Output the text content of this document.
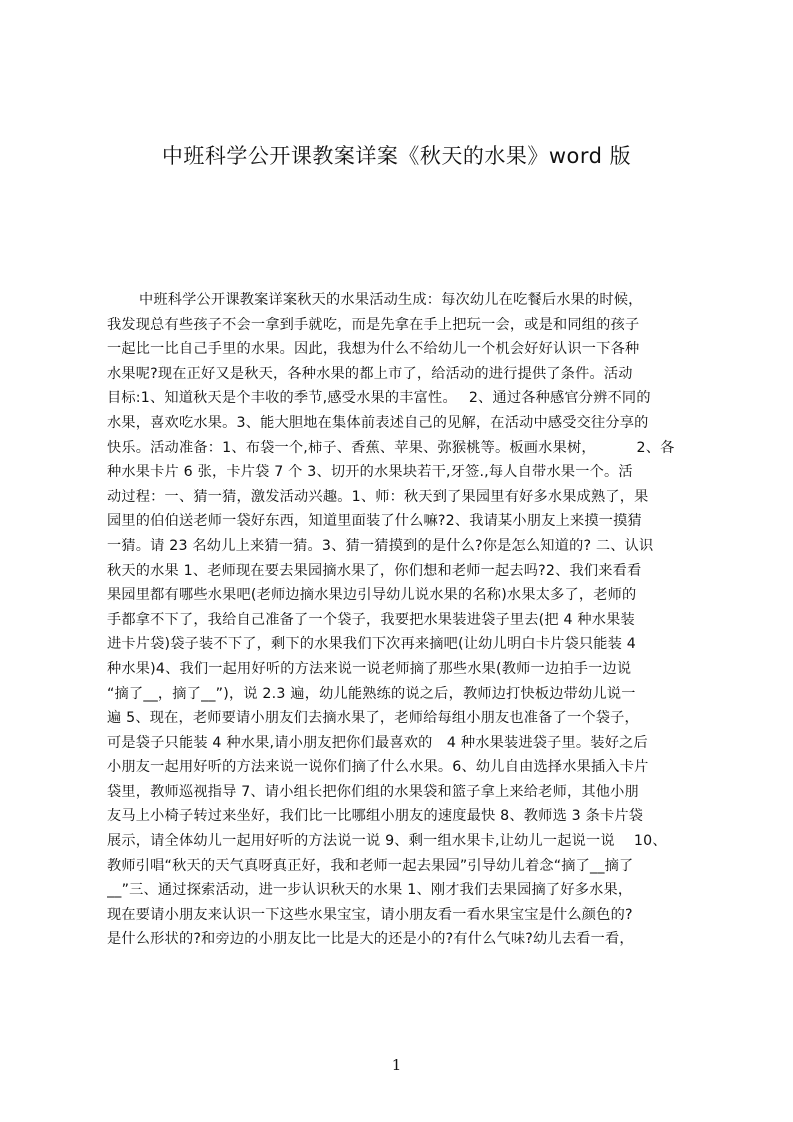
中班科学公开课教案详案《秋天的水果》word 版
中班科学公开课教案详案秋天的水果活动生成：每次幼儿在吃餐后水果的时候，
我发现总有些孩子不会一拿到手就吃，而是先拿在手上把玩一会，或是和同组的孩子
一起比一比自己手里的水果。因此，我想为什么不给幼儿一个机会好好认识一下各种
水果呢?现在正好又是秋天，各种水果的都上市了，给活动的进行提供了条件。活动
目标:1、知道秋天是个丰收的季节,感受水果的丰富性。　 2、通过各种感官分辨不同的
水果，喜欢吃水果。3、能大胆地在集体前表述自己的见解，在活动中感受交往分享的
快乐。活动准备：1、布袋一个,柿子、香蕉、苹果、弥猴桃等。板画水果树，　　　 2、各
种水果卡片 6 张，卡片袋 7 个 3、切开的水果块若干,牙签.,每人自带水果一个。活
动过程：一、猜一猜，激发活动兴趣。1、师：秋天到了果园里有好多水果成熟了，果
园里的伯伯送老师一袋好东西，知道里面装了什么嘛?2、我请某小朋友上来摸一摸猜
一猜。请 23 名幼儿上来猜一猜。3、猜一猜摸到的是什么?你是怎么知道的? 二、认识
秋天的水果 1、老师现在要去果园摘水果了，你们想和老师一起去吗?2、我们来看看
果园里都有哪些水果吧(老师边摘水果边引导幼儿说水果的名称)水果太多了，老师的
手都拿不下了，我给自己准备了一个袋子，我要把水果装进袋子里去(把 4 种水果装
进卡片袋)袋子装不下了，剩下的水果我们下次再来摘吧(让幼儿明白卡片袋只能装 4
种水果)4、我们一起用好听的方法来说一说老师摘了那些水果(教师一边拍手一边说
“摘了__，摘了__”)，说 2.3 遍，幼儿能熟练的说之后，教师边打快板边带幼儿说一
遍 5、现在，老师要请小朋友们去摘水果了，老师给每组小朋友也准备了一个袋子，
可是袋子只能装 4 种水果,请小朋友把你们最喜欢的　4 种水果装进袋子里。装好之后
小朋友一起用好听的方法来说一说你们摘了什么水果。6、幼儿自由选择水果插入卡片
袋里，教师巡视指导 7、请小组长把你们组的水果袋和篮子拿上来给老师，其他小朋
友马上小椅子转过来坐好，我们比一比哪组小朋友的速度最快 8、教师选 3 条卡片袋
展示，请全体幼儿一起用好听的方法说一说 9、剩一组水果卡,让幼儿一起说一说　 10、
教师引唱“秋天的天气真呀真正好，我和老师一起去果园”引导幼儿着念“摘了__摘了
__”三、通过探索活动，进一步认识秋天的水果 1、刚才我们去果园摘了好多水果，
现在要请小朋友来认识一下这些水果宝宝，请小朋友看一看水果宝宝是什么颜色的?
是什么形状的?和旁边的小朋友比一比是大的还是小的?有什么气味?幼儿去看一看，
1
